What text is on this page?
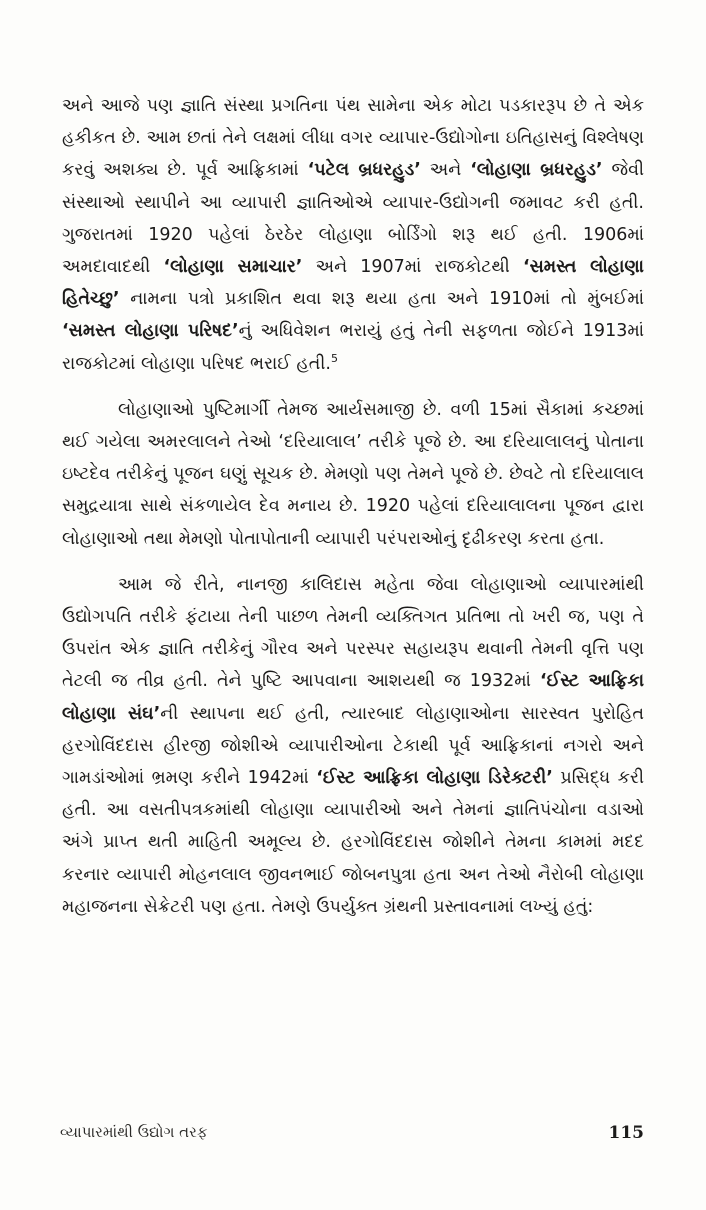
અને આજે પણ જ્ઞાતિ સંસ્થા પ્રગતિના પંથ સામેના એક મોટા પડકારરૂપ છે તે એક હકીકત છે. આમ છતાં તેને લક્ષમાં લીધા વગર વ્યાપાર-ઉદ્યોગોના ઇતિહાસનું વિશ્લેષણ કરવું અશક્ય છે. પૂર્વ આફ્રિકામાં ‘પટેલ બ્રધરહુડ’ અને ‘લોહાણા બ્રધરહુડ’ જેવી સંસ્થાઓ સ્થાપીને આ વ્યાપારી જ્ઞાતિઓએ વ્યાપાર-ઉદ્યોગની જમાવટ કરી હતી. ગુજરાતમાં 1920 પહેલાં ઠેરઠેર લોહાણા બોર્ડિંગો શરૂ થઈ હતી. 1906માં અમદાવાદથી ‘લોહાણા સમાચાર’ અને 1907માં રાજકોટથી ‘સમસ્ત લોહાણા હિતેચ્છુ’ નામના પત્રો પ્રકાશિત થવા શરૂ થયા હતા અને 1910માં તો મુંબઈમાં ‘સમસ્ત લોહાણા પરિષદ’નું અધિવેશન ભરાયું હતું તેની સફળતા જોઈને 1913માં રાજકોટમાં લોહાણા પરિષદ ભરાઈ હતી.$^5$

લોહાણાઓ પુષ્ટિમાર્ગી તેમજ આર્યસમાજી છે. વળી 15માં સૈકામાં કચ્છમાં થઈ ગયેલા અમરલાલને તેઓ ‘દરિયાલાલ’ તરીકે પૂજે છે. આ દરિયાલાલનું પોતાના ઇષ્ટદેવ તરીકેનું પૂજન ઘણું સૂચક છે. મેમણો પણ તેમને પૂજે છે. છેવટે તો દરિયાલાલ સમુદ્રયાત્રા સાથે સંકળાયેલ દેવ મનાય છે. 1920 પહેલાં દરિયાલાલના પૂજન દ્વારા લોહાણાઓ તથા મેમણો પોતાપોતાની વ્યાપારી પરંપરાઓનું દૃઢીકરણ કરતા હતા.

આમ જે રીતે, નાનજી કાલિદાસ મહેતા જેવા લોહાણાઓ વ્યાપારમાંથી ઉદ્યોગપતિ તરીકે ફંટાયા તેની પાછળ તેમની વ્યક્તિગત પ્રતિભા તો ખરી જ, પણ તે ઉપરાંત એક જ્ઞાતિ તરીકેનું ગૌરવ અને પરસ્પર સહાયરૂપ થવાની તેમની વૃત્તિ પણ તેટલી જ તીવ્ર હતી. તેને પુષ્ટિ આપવાના આશયથી જ 1932માં ‘ઈસ્ટ આફ્રિકા લોહાણા સંઘ’ની સ્થાપના થઈ હતી, ત્યારબાદ લોહાણાઓના સારસ્વત પુરોહિત હરગોવિંદદાસ હીરજી જોશીએ વ્યાપારીઓના ટેકાથી પૂર્વ આફ્રિકાનાં નગરો અને ગામડાંઓમાં ભ્રમણ કરીને 1942માં ‘ઈસ્ટ આફ્રિકા લોહાણા ડિરેક્ટરી’ પ્રસિદ્ધ કરી હતી. આ વસતીપત્રકમાંથી લોહાણા વ્યાપારીઓ અને તેમનાં જ્ઞાતિપંચોના વડાઓ અંગે પ્રાપ્ત થતી માહિતી અમૂલ્ય છે. હરગોવિંદદાસ જોશીને તેમના કામમાં મદદ કરનાર વ્યાપારી મોહનલાલ જીવનભાઈ જોબનપુત્રા હતા અન તેઓ નૈરોબી લોહાણા મહાજનના સેક્રેટરી પણ હતા. તેમણે ઉપર્યુક્ત ગ્રંથની પ્રસ્તાવનામાં લખ્યું હતું:

વ્યાપારમાંથી ઉદ્યોગ તરફ	115
